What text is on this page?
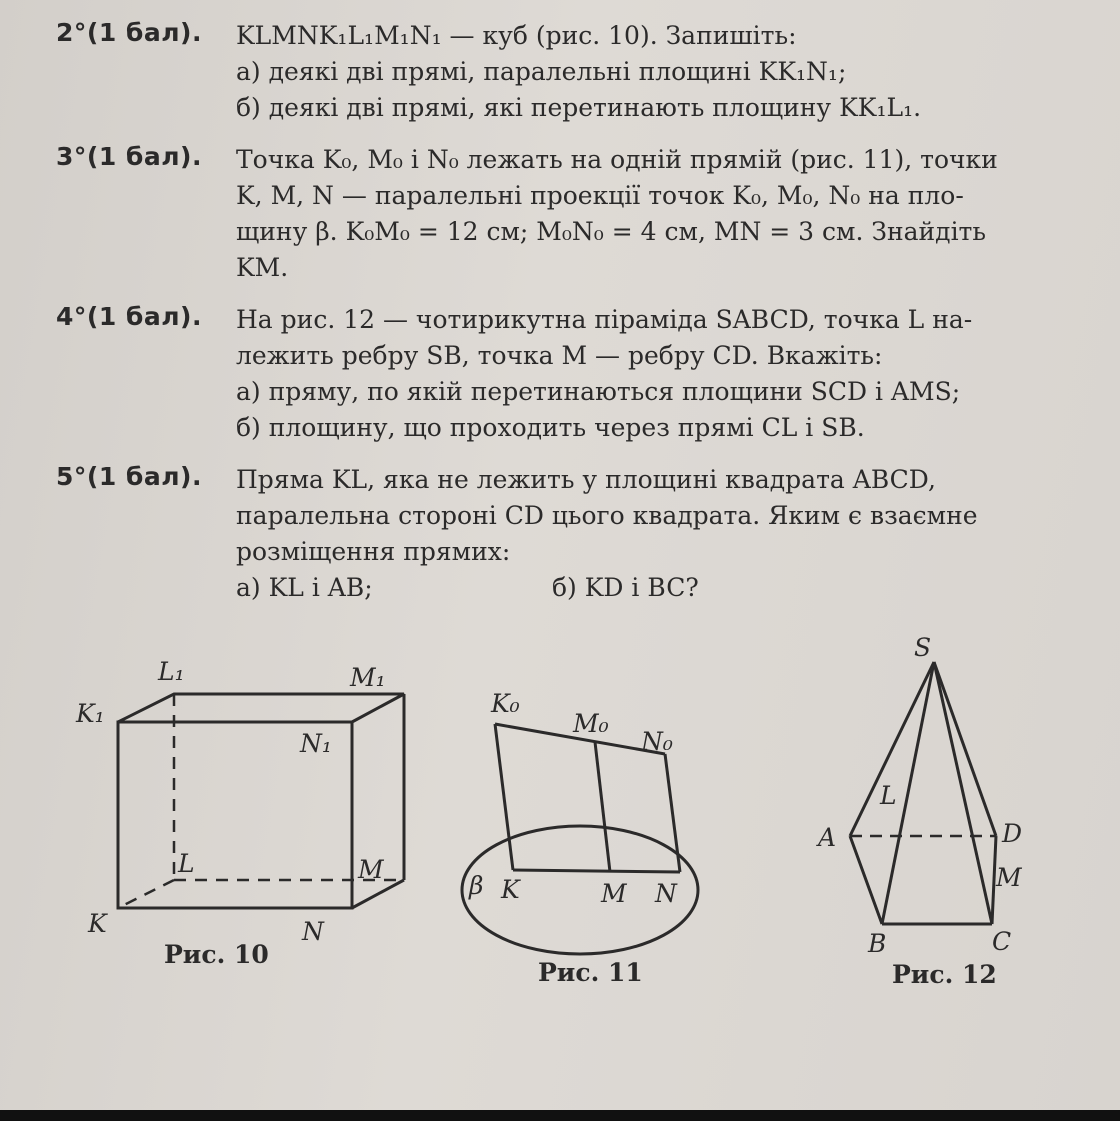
2°(1 бал).	KLMNK₁L₁M₁N₁ — куб (рис. 10). Запишіть:
а) деякі дві прямі, паралельні площині KK₁N₁;
б) деякі дві прямі, які перетинають площину KK₁L₁.
3°(1 бал).	Точка K₀, M₀ і N₀ лежать на одній прямій (рис. 11), точки
K, M, N — паралельні проекції точок K₀, M₀, N₀ на пло-
щину β. K₀M₀ = 12 см; M₀N₀ = 4 см, MN = 3 см. Знайдіть
KM.
4°(1 бал).	На рис. 12 — чотирикутна піраміда SABCD, точка L на-
лежить ребру SB, точка M — ребру CD. Вкажіть:
а) пряму, по якій перетинаються площини SCD і AMS;
б) площину, що проходить через прямі CL і SB.
5°(1 бал).	Пряма KL, яка не лежить у площині квадрата ABCD,
паралельна стороні CD цього квадрата. Яким є взаємне
розміщення прямих:
а) KL і AB;	б) KD і BC?
L₁	M₁
K₁
N₁
L	M
K	N
Рис. 10
K₀
M₀
N₀
β K	M N
Рис. 11
S
L
A	D
M
B	C
Рис. 12
